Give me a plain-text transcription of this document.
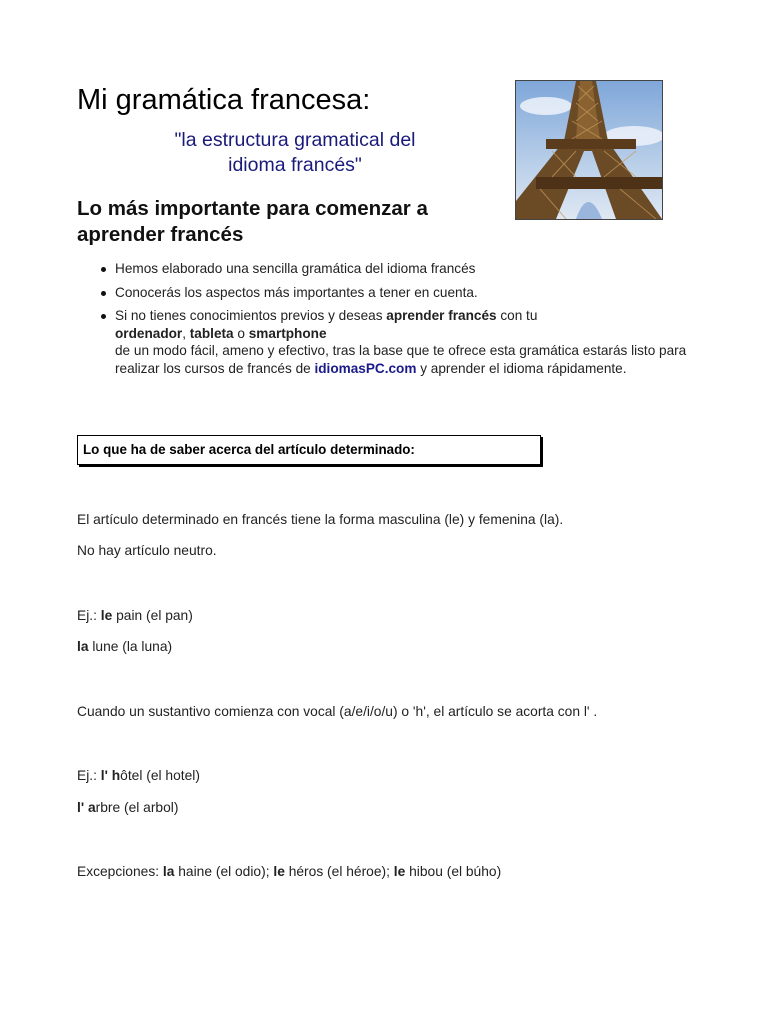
Mi gramática francesa:
"la estructura gramatical del
idioma francés"
Lo más importante para comenzar a
aprender francés
Hemos elaborado una sencilla gramática del idioma francés
Conocerás los aspectos más importantes a tener en cuenta.
Si no tienes conocimientos previos y deseas aprender francés con tu
ordenador, tableta o smartphone
de un modo fácil, ameno y efectivo, tras la base que te ofrece esta gramática estarás listo para realizar los cursos de francés de idiomasPC.com y aprender el idioma rápidamente.
Lo que ha de saber acerca del artículo determinado:
El artículo determinado en francés tiene la forma masculina (le) y femenina (la).
No hay artículo neutro.
Ej.: le pain (el pan)
la lune (la luna)
Cuando un sustantivo comienza con vocal (a/e/i/o/u) o 'h', el artículo se acorta con l' .
Ej.: l' hôtel (el hotel)
l' arbre (el arbol)
Excepciones: la haine (el odio); le héros (el héroe); le hibou (el búho)
